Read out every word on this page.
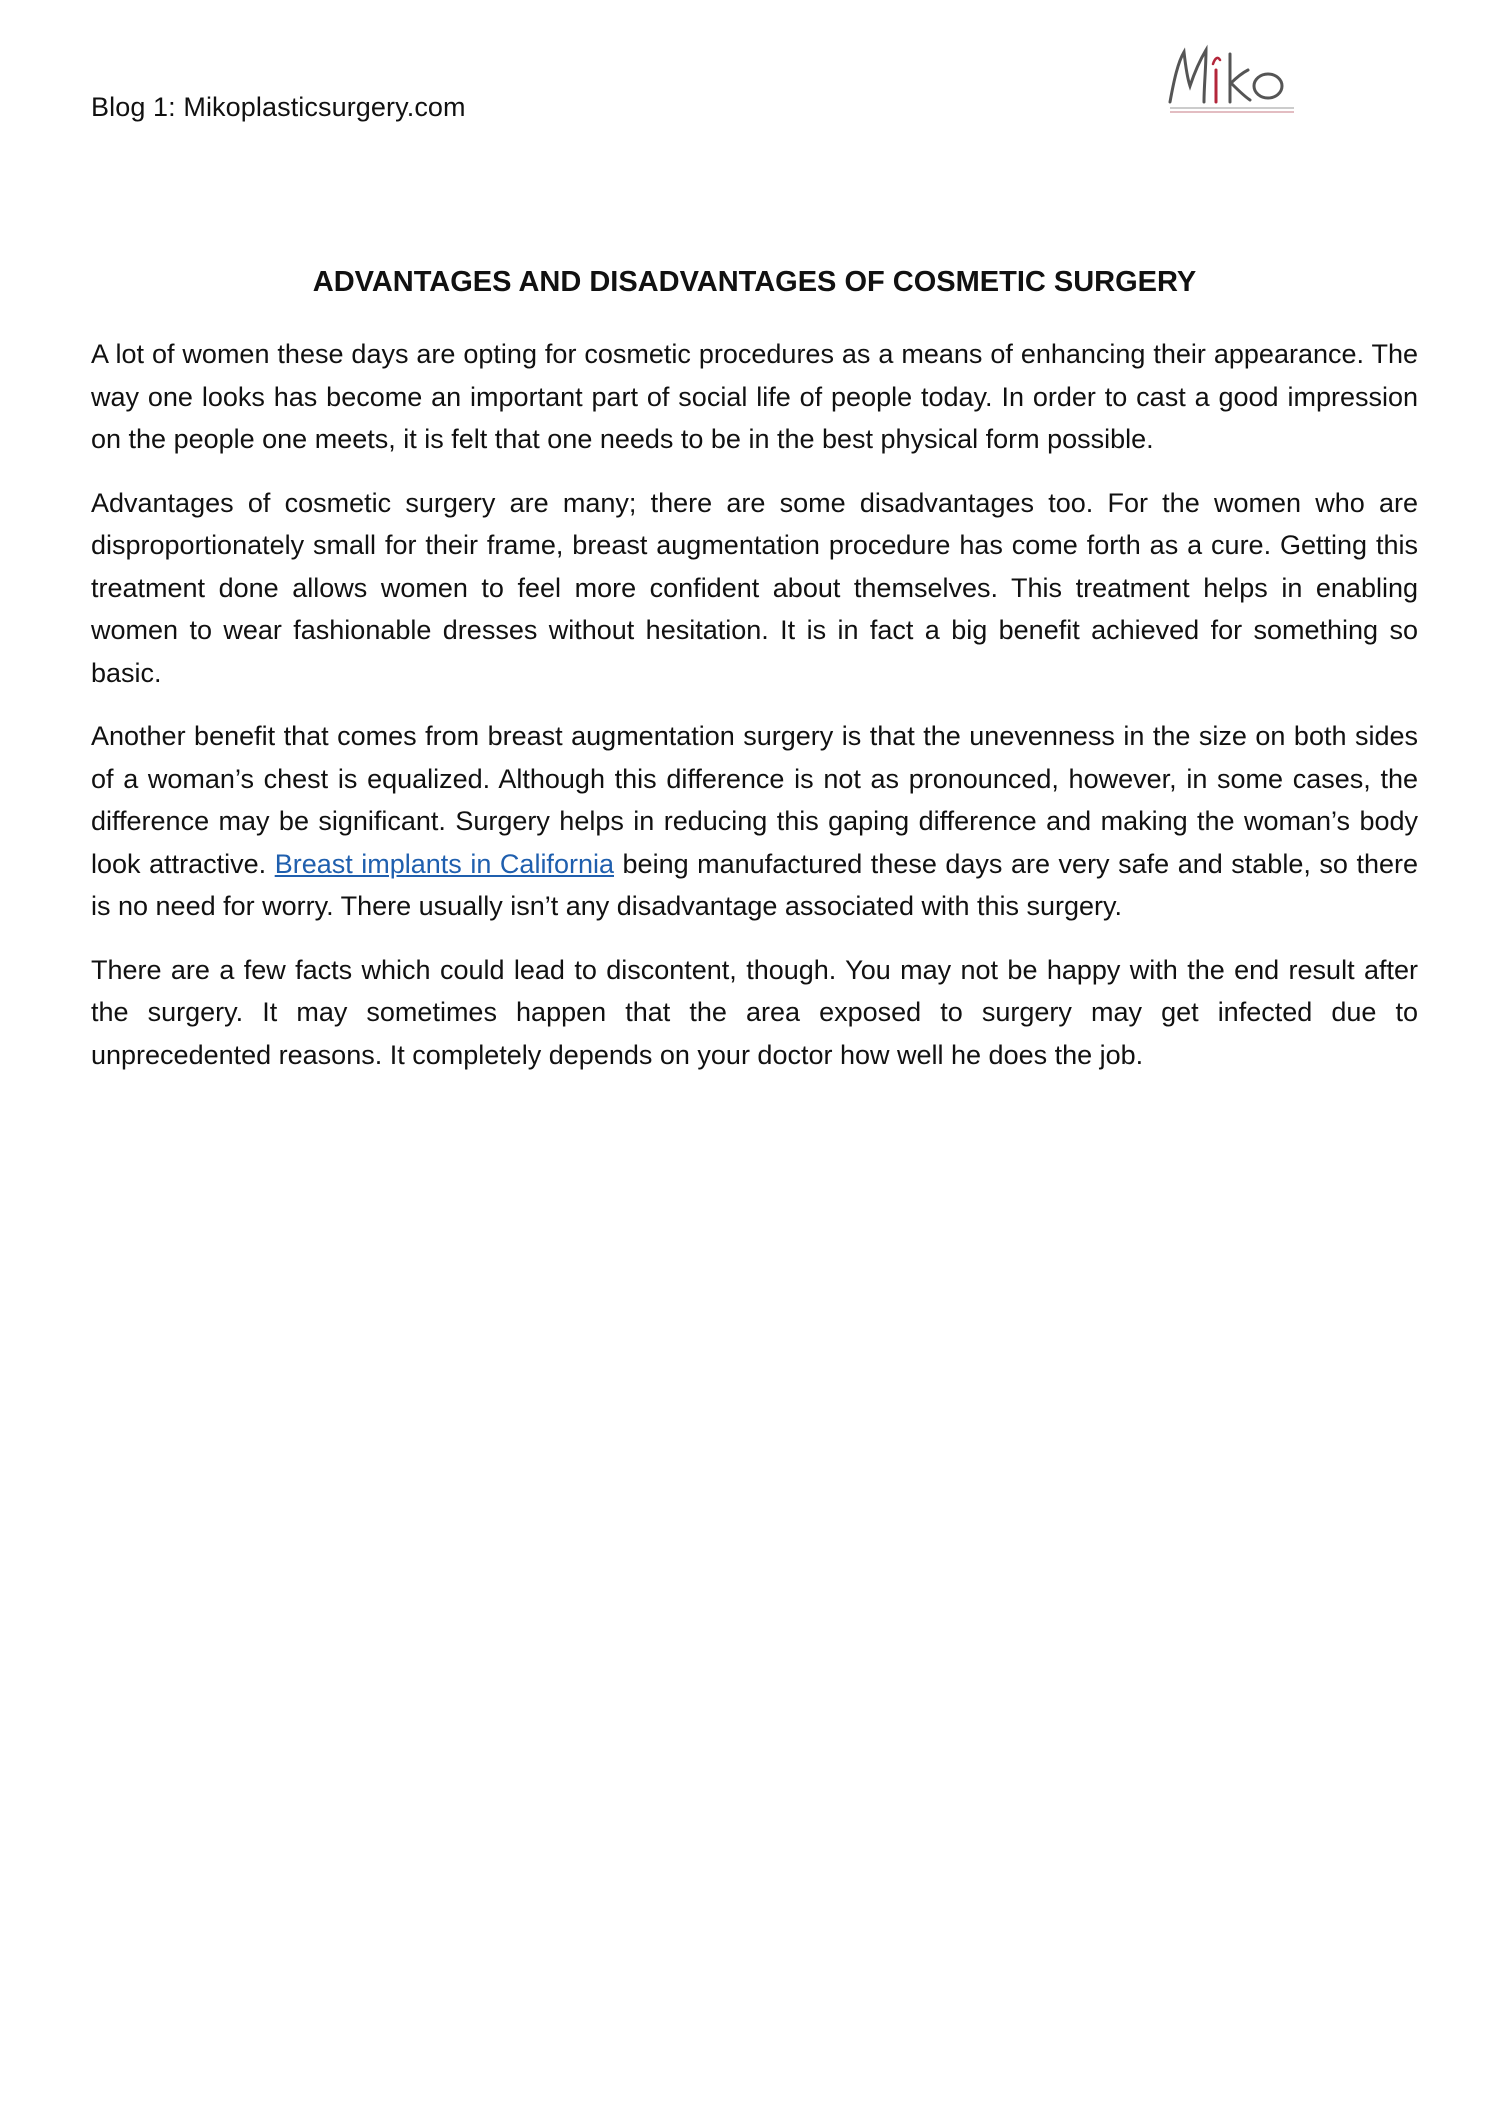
Blog 1: Mikoplasticsurgery.com
ADVANTAGES AND DISADVANTAGES OF COSMETIC SURGERY

A lot of women these days are opting for cosmetic procedures as a means of enhancing their appearance. The way one looks has become an important part of social life of people today. In order to cast a good impression on the people one meets, it is felt that one needs to be in the best physical form possible.

Advantages of cosmetic surgery are many; there are some disadvantages too. For the women who are disproportionately small for their frame, breast augmentation procedure has come forth as a cure. Getting this treatment done allows women to feel more confident about themselves. This treatment helps in enabling women to wear fashionable dresses without hesitation. It is in fact a big benefit achieved for something so basic.

Another benefit that comes from breast augmentation surgery is that the unevenness in the size on both sides of a woman’s chest is equalized. Although this difference is not as pronounced, however, in some cases, the difference may be significant. Surgery helps in reducing this gaping difference and making the woman’s body look attractive. Breast implants in California being manufactured these days are very safe and stable, so there is no need for worry. There usually isn’t any disadvantage associated with this surgery.

There are a few facts which could lead to discontent, though. You may not be happy with the end result after the surgery. It may sometimes happen that the area exposed to surgery may get infected due to unprecedented reasons. It completely depends on your doctor how well he does the job.
